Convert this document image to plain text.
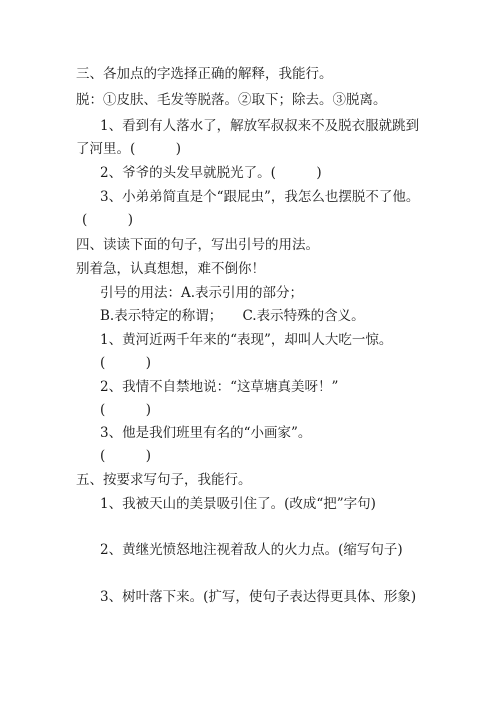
三、各加点的字选择正确的解释，我能行。
脱：①皮肤、毛发等脱落。②取下；除去。③脱离。
1、看到有人落水了，解放军叔叔来不及脱衣服就跳到
了河里。(　　　)
2、爷爷的头发早就脱光了。(　　　)
3、小弟弟简直是个“跟屁虫”，我怎么也摆脱不了他。
(　　　)
四、读读下面的句子，写出引号的用法。
别着急，认真想想，难不倒你！
引号的用法：A.表示引用的部分；
B.表示特定的称谓；　　C.表示特殊的含义。
1、黄河近两千年来的“表现”，却叫人大吃一惊。
(　　　)
2、我情不自禁地说：“这草塘真美呀！”
(　　　)
3、他是我们班里有名的“小画家”。
(　　　)
五、按要求写句子，我能行。
1、我被天山的美景吸引住了。(改成“把”字句)
2、黄继光愤怒地注视着敌人的火力点。(缩写句子)
3、树叶落下来。(扩写，使句子表达得更具体、形象)
